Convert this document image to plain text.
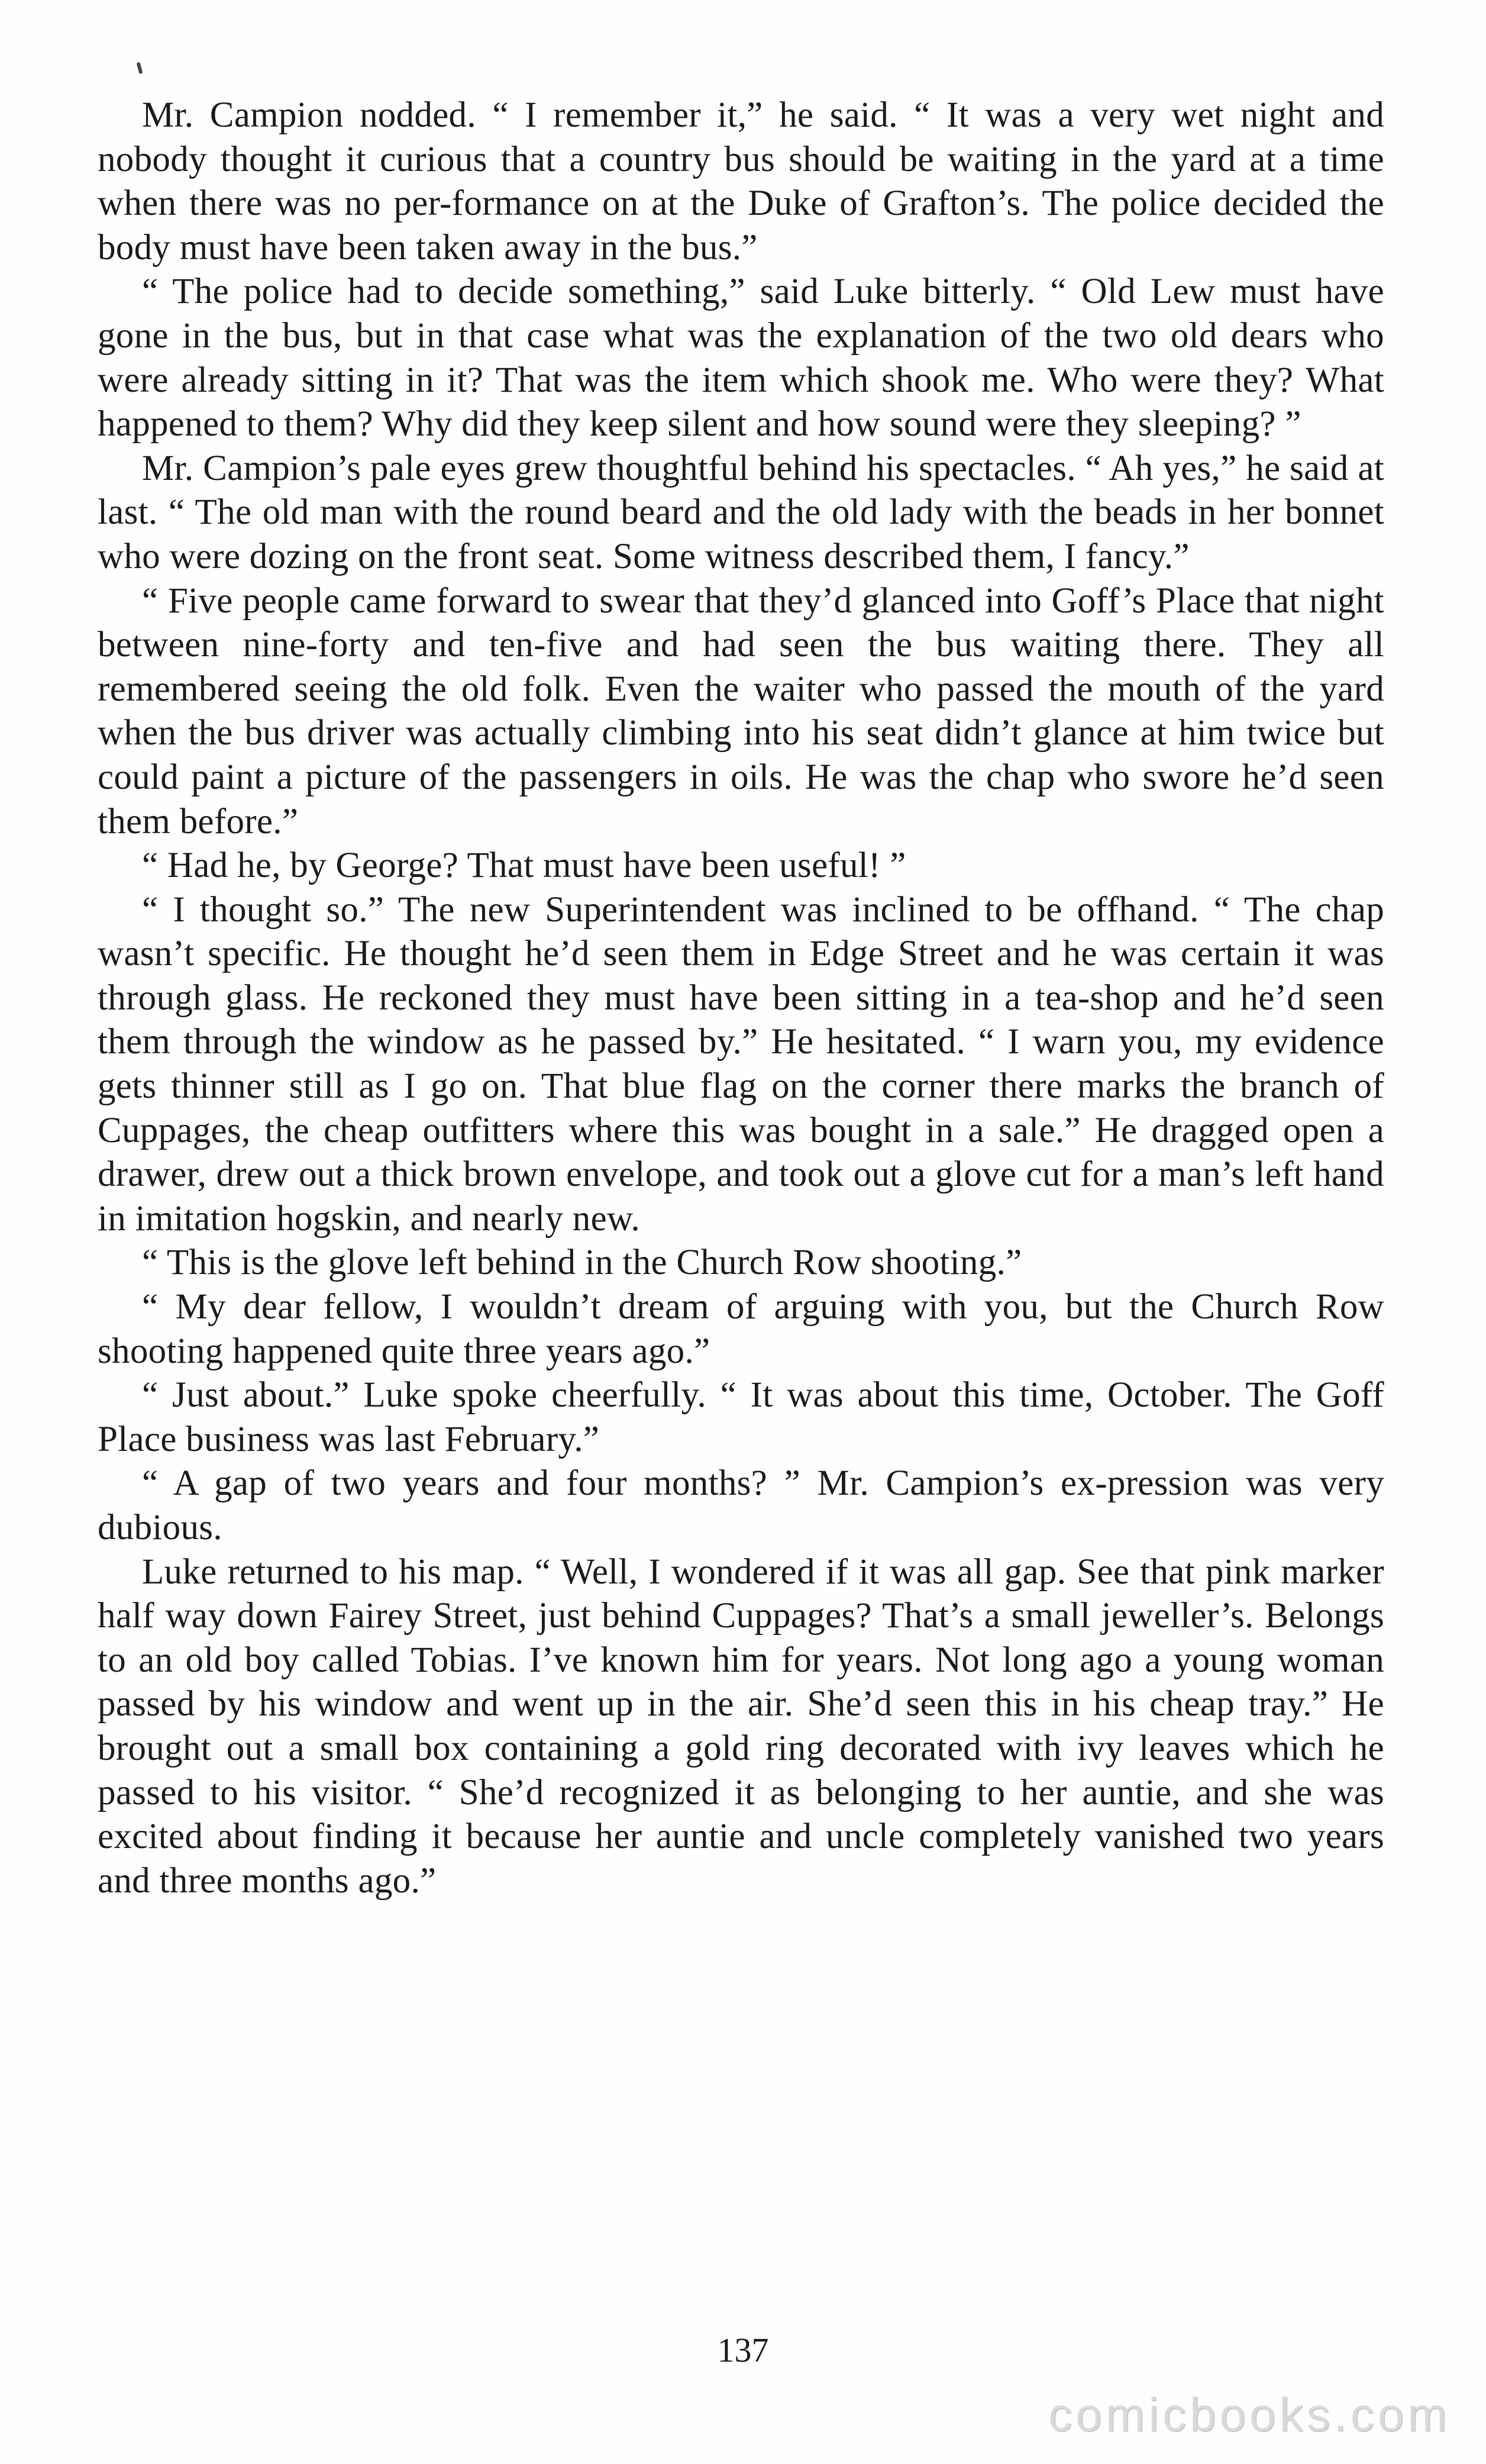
Mr. Campion nodded. “ I remember it,” he said. “ It was a very wet night and nobody thought it curious that a country bus should be waiting in the yard at a time when there was no per-formance on at the Duke of Grafton’s. The police decided the body must have been taken away in the bus.”

“ The police had to decide something,” said Luke bitterly. “ Old Lew must have gone in the bus, but in that case what was the explanation of the two old dears who were already sitting in it? That was the item which shook me. Who were they? What happened to them? Why did they keep silent and how sound were they sleeping? ”

Mr. Campion’s pale eyes grew thoughtful behind his spectacles. “ Ah yes,” he said at last. “ The old man with the round beard and the old lady with the beads in her bonnet who were dozing on the front seat. Some witness described them, I fancy.”

“ Five people came forward to swear that they’d glanced into Goff’s Place that night between nine-forty and ten-five and had seen the bus waiting there. They all remembered seeing the old folk. Even the waiter who passed the mouth of the yard when the bus driver was actually climbing into his seat didn’t glance at him twice but could paint a picture of the passengers in oils. He was the chap who swore he’d seen them before.”

“ Had he, by George? That must have been useful! ”

“ I thought so.” The new Superintendent was inclined to be offhand. “ The chap wasn’t specific. He thought he’d seen them in Edge Street and he was certain it was through glass. He reckoned they must have been sitting in a tea-shop and he’d seen them through the window as he passed by.” He hesitated. “ I warn you, my evidence gets thinner still as I go on. That blue flag on the corner there marks the branch of Cuppages, the cheap outfitters where this was bought in a sale.” He dragged open a drawer, drew out a thick brown envelope, and took out a glove cut for a man’s left hand in imitation hogskin, and nearly new.

“ This is the glove left behind in the Church Row shooting.”

“ My dear fellow, I wouldn’t dream of arguing with you, but the Church Row shooting happened quite three years ago.”

“ Just about.” Luke spoke cheerfully. “ It was about this time, October. The Goff Place business was last February.”

“ A gap of two years and four months? ” Mr. Campion’s ex-pression was very dubious.

Luke returned to his map. “ Well, I wondered if it was all gap. See that pink marker half way down Fairey Street, just behind Cuppages? That’s a small jeweller’s. Belongs to an old boy called Tobias. I’ve known him for years. Not long ago a young woman passed by his window and went up in the air. She’d seen this in his cheap tray.” He brought out a small box containing a gold ring decorated with ivy leaves which he passed to his visitor. “ She’d recognized it as belonging to her auntie, and she was excited about finding it because her auntie and uncle completely vanished two years and three months ago.”

137
comicbooks.com
